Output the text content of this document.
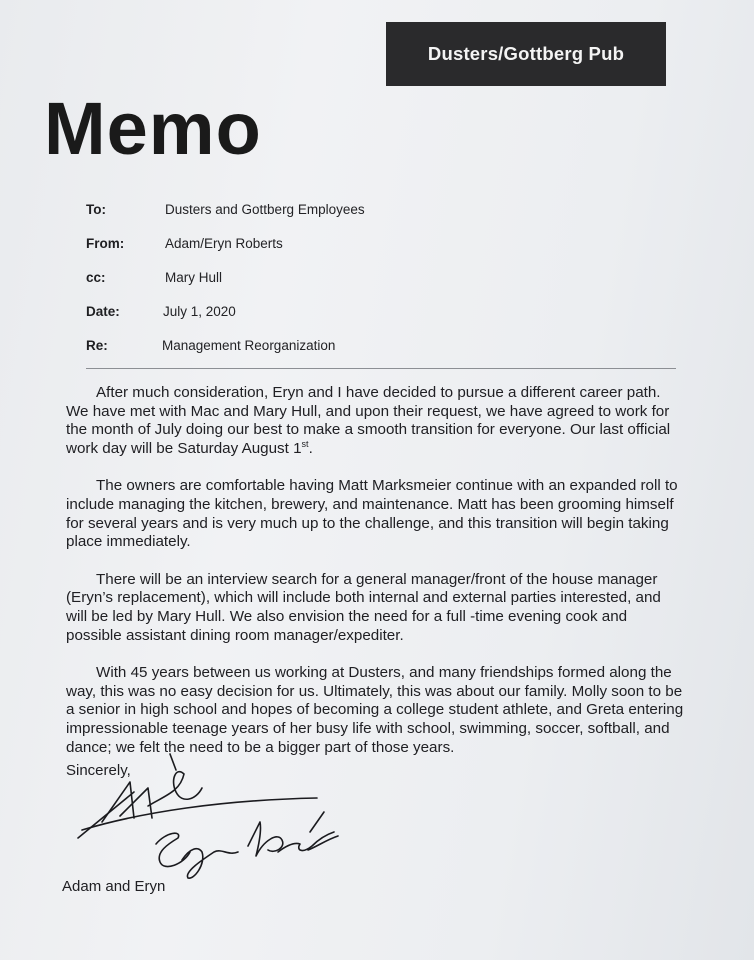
Dusters/Gottberg Pub
Memo
To:	Dusters and Gottberg Employees
From:	Adam/Eryn Roberts
cc:	Mary Hull
Date:	July 1, 2020
Re:	Management Reorganization

After much consideration, Eryn and I have decided to pursue a different career path. We have met with Mac and Mary Hull, and upon their request, we have agreed to work for the month of July doing our best to make a smooth transition for everyone. Our last official work day will be Saturday August 1st.

The owners are comfortable having Matt Marksmeier continue with an expanded roll to include managing the kitchen, brewery, and maintenance. Matt has been grooming himself for several years and is very much up to the challenge, and this transition will begin taking place immediately.

There will be an interview search for a general manager/front of the house manager (Eryn’s replacement), which will include both internal and external parties interested, and will be led by Mary Hull. We also envision the need for a full -time evening cook and possible assistant dining room manager/expediter.

With 45 years between us working at Dusters, and many friendships formed along the way, this was no easy decision for us. Ultimately, this was about our family. Molly soon to be a senior in high school and hopes of becoming a college student athlete, and Greta entering impressionable teenage years of her busy life with school, swimming, soccer, softball, and dance; we felt the need to be a bigger part of those years.

Sincerely,
Adam and Eryn
